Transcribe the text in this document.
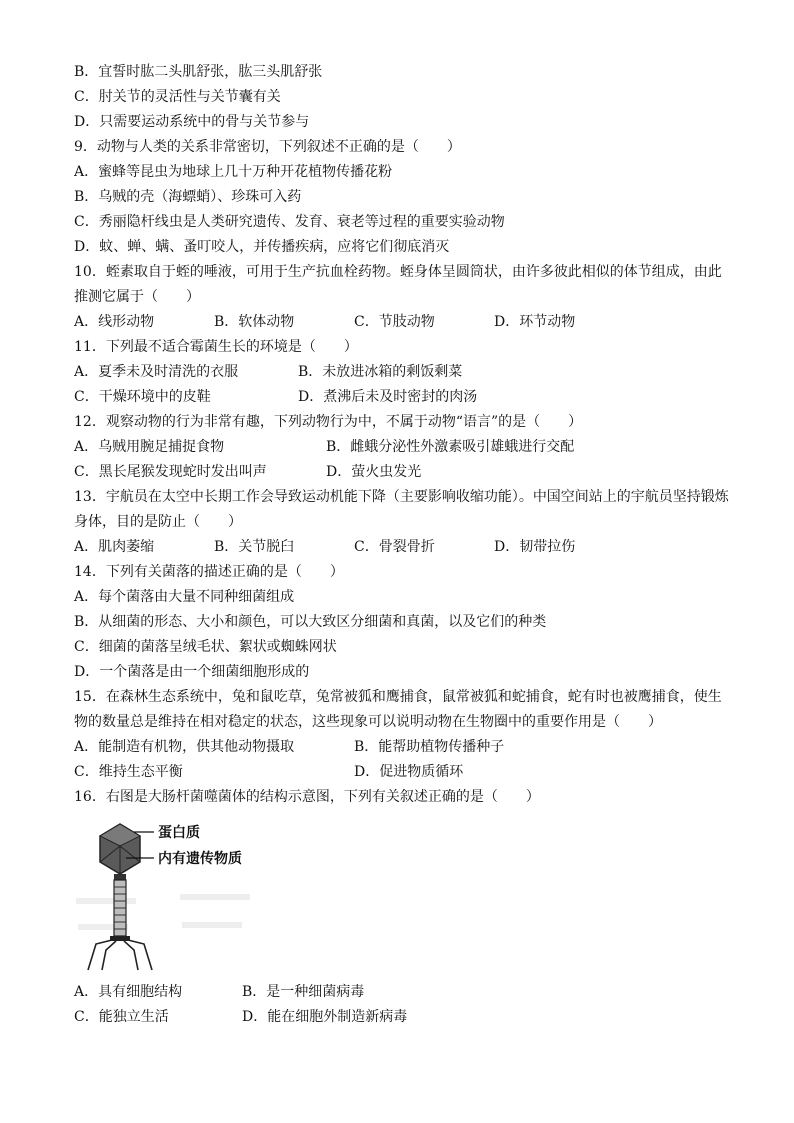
B．宜誓时肱二头肌舒张，肱三头肌舒张
C．肘关节的灵活性与关节囊有关
D．只需要运动系统中的骨与关节参与
9．动物与人类的关系非常密切，下列叙述不正确的是（　　）
A．蜜蜂等昆虫为地球上几十万种开花植物传播花粉
B．乌贼的壳（海螵蛸）、珍珠可入药
C．秀丽隐杆线虫是人类研究遗传、发育、衰老等过程的重要实验动物
D．蚊、蝉、螨、蚤叮咬人，并传播疾病，应将它们彻底消灭
10．蛭素取自于蛭的唾液，可用于生产抗血栓药物。蛭身体呈圆筒状，由许多彼此相似的体节组成，由此
推测它属于（　　）
A．线形动物	B．软体动物	C．节肢动物	D．环节动物
11．下列最不适合霉菌生长的环境是（　　）
A．夏季未及时清洗的衣服	B．未放进冰箱的剩饭剩菜
C．干燥环境中的皮鞋	D．煮沸后未及时密封的肉汤
12．观察动物的行为非常有趣，下列动物行为中，不属于动物“语言”的是（　　）
A．乌贼用腕足捕捉食物	B．雌蛾分泌性外激素吸引雄蛾进行交配
C．黑长尾猴发现蛇时发出叫声	D．萤火虫发光
13．宇航员在太空中长期工作会导致运动机能下降（主要影响收缩功能）。中国空间站上的宇航员坚持锻炼
身体，目的是防止（　　）
A．肌肉萎缩	B．关节脱臼	C．骨裂骨折	D．韧带拉伤
14．下列有关菌落的描述正确的是（　　）
A．每个菌落由大量不同种细菌组成
B．从细菌的形态、大小和颜色，可以大致区分细菌和真菌，以及它们的种类
C．细菌的菌落呈绒毛状、絮状或蜘蛛网状
D．一个菌落是由一个细菌细胞形成的
15．在森林生态系统中，兔和鼠吃草，兔常被狐和鹰捕食，鼠常被狐和蛇捕食，蛇有时也被鹰捕食，使生
物的数量总是维持在相对稳定的状态，这些现象可以说明动物在生物圈中的重要作用是（　　）
A．能制造有机物，供其他动物摄取	B．能帮助植物传播种子
C．维持生态平衡	D．促进物质循环
16．右图是大肠杆菌噬菌体的结构示意图，下列有关叙述正确的是（　　）
蛋白质
内有遗传物质
A．具有细胞结构	B．是一种细菌病毒
C．能独立生活	D．能在细胞外制造新病毒
